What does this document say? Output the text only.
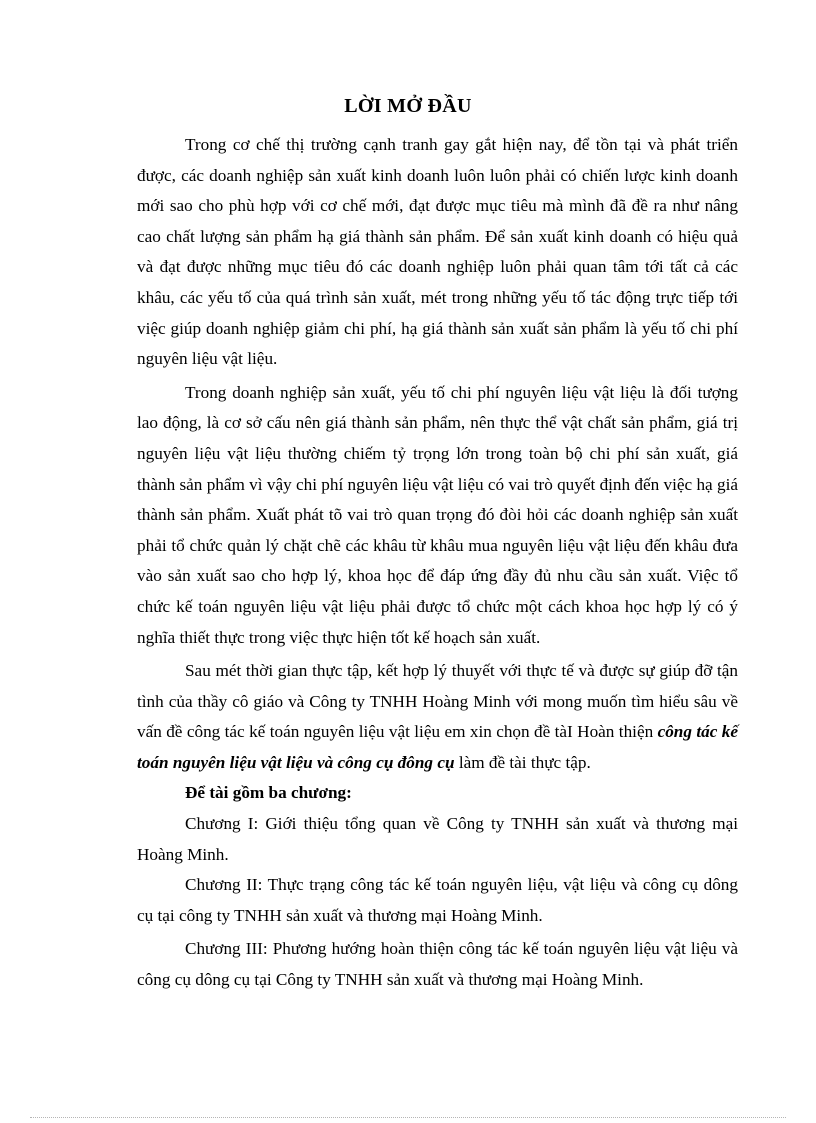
LỜI MỞ ĐẦU

Trong cơ chế thị trường cạnh tranh gay gắt hiện nay, để tồn tại và phát triển được, các doanh nghiệp sản xuất kinh doanh luôn luôn phải có chiến lược kinh doanh mới sao cho phù hợp với cơ chế mới, đạt được mục tiêu mà mình đã đề ra như nâng cao chất lượng sản phẩm hạ giá thành sản phẩm. Để sản xuất kinh doanh có hiệu quả và đạt được những mục tiêu đó các doanh nghiệp luôn phải quan tâm tới tất cả các khâu, các yếu tố của quá trình sản xuất, mét trong những yếu tố tác động trực tiếp tới việc giúp doanh nghiệp giảm chi phí, hạ giá thành sản xuất sản phẩm là yếu tố chi phí nguyên liệu vật liệu.

Trong doanh nghiệp sản xuất, yếu tố chi phí nguyên liệu vật liệu là đối tượng lao động, là cơ sở cấu nên giá thành sản phẩm, nên thực thể vật chất sản phẩm, giá trị nguyên liệu vật liệu thường chiếm tỷ trọng lớn trong toàn bộ chi phí sản xuất, giá thành sản phẩm vì vậy chi phí nguyên liệu vật liệu có vai trò quyết định đến việc hạ giá thành sản phẩm. Xuất phát tõ vai trò quan trọng đó đòi hỏi các doanh nghiệp sản xuất phải tổ chức quản lý chặt chẽ các khâu từ khâu mua nguyên liệu vật liệu đến khâu đưa vào sản xuất sao cho hợp lý, khoa học để đáp ứng đầy đủ nhu cầu sản xuất. Việc tổ chức kế toán nguyên liệu vật liệu phải được tổ chức một cách khoa học hợp lý có ý nghĩa thiết thực trong việc thực hiện tốt kế hoạch sản xuất.

Sau mét thời gian thực tập, kết hợp lý thuyết với thực tế và được sự giúp đỡ tận tình của thầy cô giáo và Công ty TNHH Hoàng Minh với mong muốn tìm hiểu sâu về vấn đề công tác kế toán nguyên liệu vật liệu em xin chọn đề tàI Hoàn thiện công tác kế toán nguyên liệu vật liệu và công cụ đông cụ làm đề tài thực tập.

Để tài gồm ba chương:

Chương I: Giới thiệu tổng quan về Công ty TNHH sản xuất và thương mại Hoàng Minh.

Chương II: Thực trạng công tác kế toán nguyên liệu, vật liệu và công cụ dông cụ tại công ty TNHH sản xuất và thương mại Hoàng Minh.

Chương III: Phương hướng hoàn thiện công tác kế toán nguyên liệu vật liệu và công cụ dông cụ tại Công ty TNHH sản xuất và thương mại Hoàng Minh.
